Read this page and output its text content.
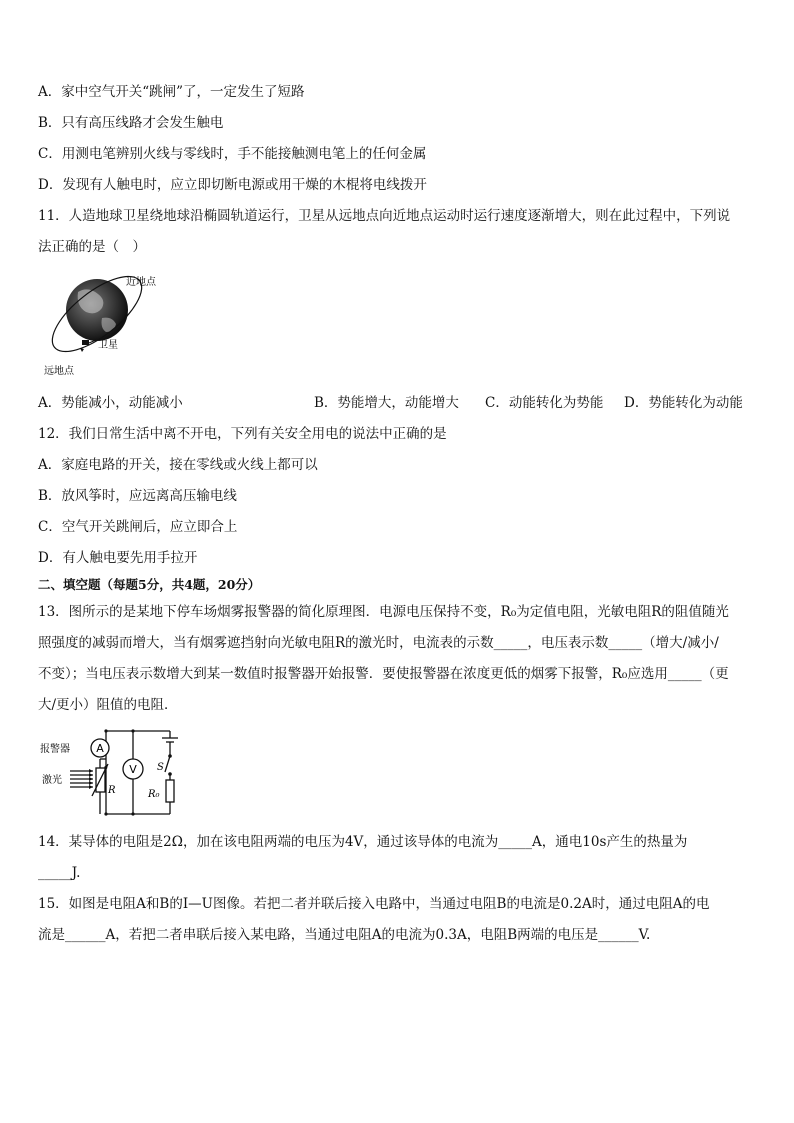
A．家中空气开关“跳闸”了，一定发生了短路
B．只有高压线路才会发生触电
C．用测电笔辨别火线与零线时，手不能接触测电笔上的任何金属
D．发现有人触电时，应立即切断电源或用干燥的木棍将电线拨开
11．人造地球卫星绕地球沿椭圆轨道运行，卫星从远地点向近地点运动时运行速度逐渐增大，则在此过程中，下列说
法正确的是（　）
近地点
卫星
远地点
A．势能减小，动能减小	B．势能增大，动能增大 C．动能转化为势能 D．势能转化为动能
12．我们日常生活中离不开电，下列有关安全用电的说法中正确的是
A．家庭电路的开关，接在零线或火线上都可以
B．放风筝时，应远离高压输电线
C．空气开关跳闸后，应立即合上
D．有人触电要先用手拉开
二、填空题（每题5分，共4题，20分）
13．图所示的是某地下停车场烟雾报警器的简化原理图．电源电压保持不变，R₀为定值电阻，光敏电阻R的阻值随光
照强度的减弱而增大，当有烟雾遮挡射向光敏电阻R的激光时，电流表的示数_____，电压表示数_____（增大/减小/
不变）；当电压表示数增大到某一数值时报警器开始报警．要使报警器在浓度更低的烟雾下报警，R₀应选用_____（更
大/更小）阻值的电阻．
A
V
报警器
激光
R
S
R₀
14．某导体的电阻是2Ω，加在该电阻两端的电压为4V，通过该导体的电流为_____A，通电10s产生的热量为
_____J.
15．如图是电阻A和B的I—U图像。若把二者并联后接入电路中，当通过电阻B的电流是0.2A时，通过电阻A的电
流是______A，若把二者串联后接入某电路，当通过电阻A的电流为0.3A，电阻B两端的电压是______V.
